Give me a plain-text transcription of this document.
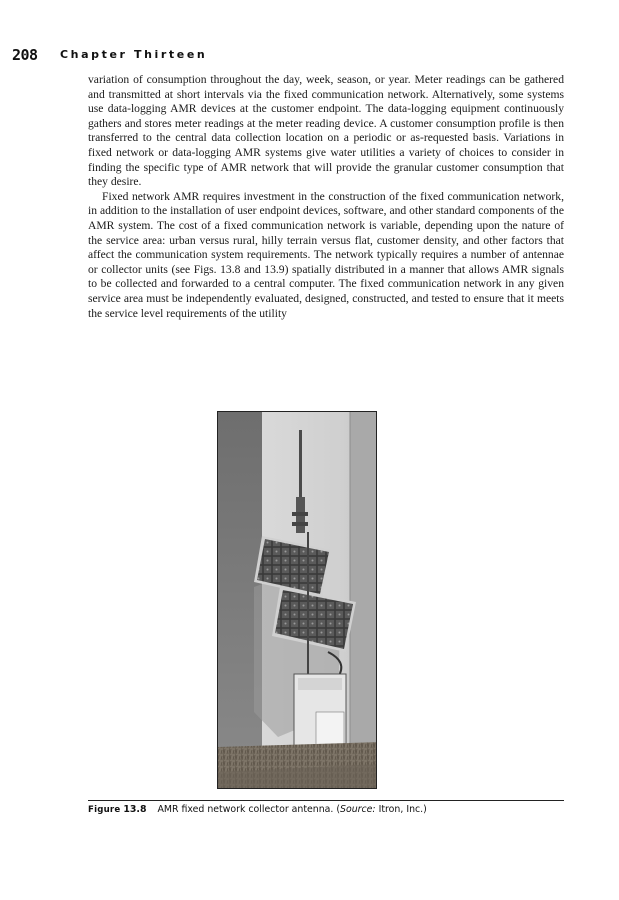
208 Chapter Thirteen

variation of consumption throughout the day, week, season, or year. Meter readings can be gathered and transmitted at short intervals via the fixed communication network. Alternatively, some systems use data-logging AMR devices at the customer endpoint. The data-logging equipment continuously gathers and stores meter readings at the meter reading device. A customer consumption profile is then transferred to the central data collection location on a periodic or as-requested basis. Variations in fixed network or data-logging AMR systems give water utilities a variety of choices to consider in finding the specific type of AMR network that will provide the granular customer consumption that they desire.

Fixed network AMR requires investment in the construction of the fixed communication network, in addition to the installation of user endpoint devices, software, and other standard components of the AMR system. The cost of a fixed communication network is variable, depending upon the nature of the service area: urban versus rural, hilly terrain versus flat, customer density, and other factors that affect the communication system requirements. The network typically requires a number of antennae or collector units (see Figs. 13.8 and 13.9) spatially distributed in a manner that allows AMR signals to be collected and forwarded to a central computer. The fixed communication network in any given service area must be independently evaluated, designed, constructed, and tested to ensure that it meets the service level requirements of the utility

Figure 13.8 AMR fixed network collector antenna. (Source: Itron, Inc.)
